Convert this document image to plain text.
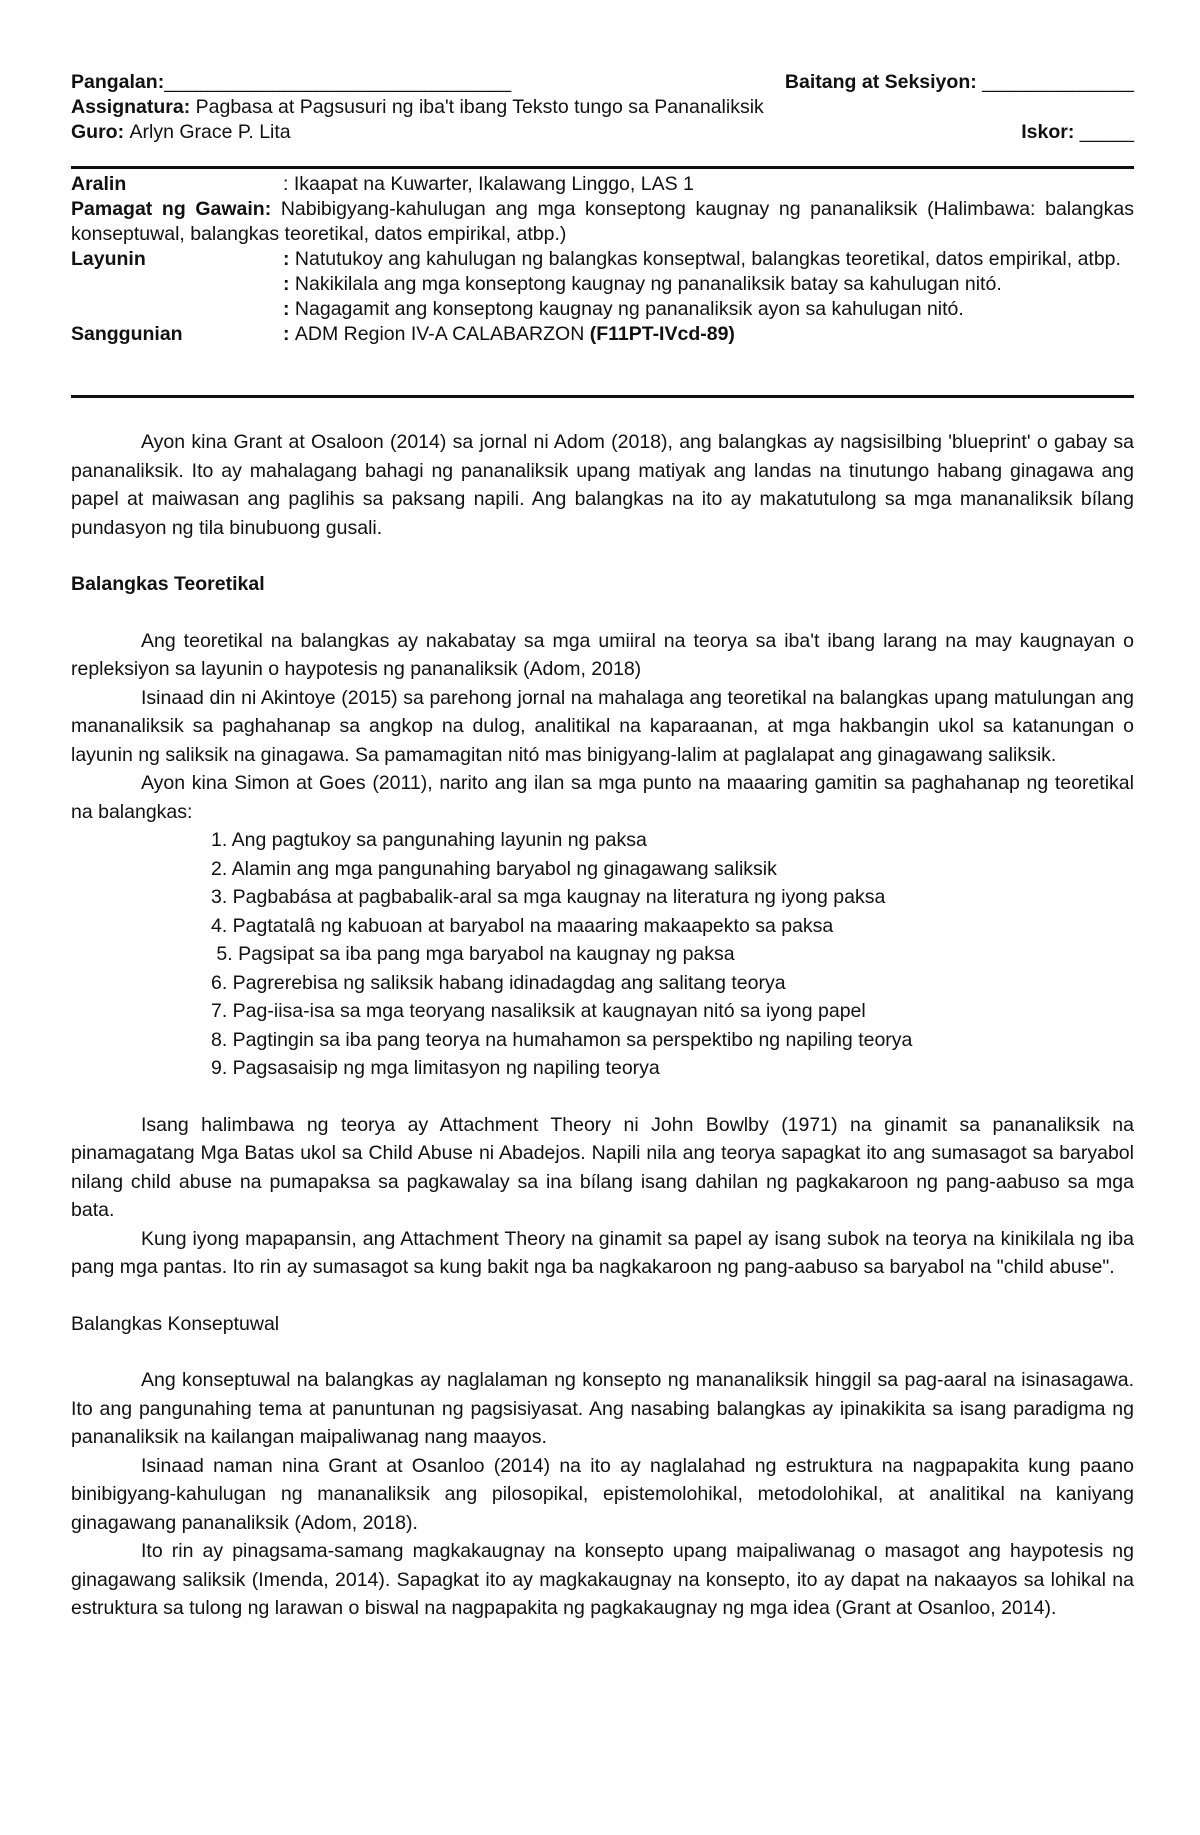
Pangalan: ________________________________	Baitang at Seksiyon: ______________
Assignatura:
Pagbasa at Pagsusuri ng iba't ibang Teksto tungo sa Pananaliksik
Guro:
Arlyn Grace P. Lita	Iskor: _____
Aralin	: Ikaapat na Kuwarter, Ikalawang Linggo, LAS 1
Pamagat ng Gawain: Nabibigyang-kahulugan ang mga konseptong kaugnay ng pananaliksik (Halimbawa: balangkas konseptuwal, balangkas teoretikal, datos empirikal, atbp.)
Layunin	: Natutukoy ang kahulugan ng balangkas konseptwal, balangkas teoretikal, datos empirikal, atbp.
: Nakikilala ang mga konseptong kaugnay ng pananaliksik batay sa kahulugan nitó.
: Nagagamit ang konseptong kaugnay ng pananaliksik ayon sa kahulugan nitó.
Sanggunian	: ADM Region IV-A CALABARZON (F11PT-IVcd-89)

Ayon kina Grant at Osaloon (2014) sa jornal ni Adom (2018), ang balangkas ay nagsisilbing 'blueprint' o gabay sa pananaliksik. Ito ay mahalagang bahagi ng pananaliksik upang matiyak ang landas na tinutungo habang ginagawa ang papel at maiwasan ang paglihis sa paksang napili. Ang balangkas na ito ay makatutulong sa mga mananaliksik bílang pundasyon ng tila binubuong gusali.

Balangkas Teoretikal

Ang teoretikal na balangkas ay nakabatay sa mga umiiral na teorya sa iba't ibang larang na may kaugnayan o repleksiyon sa layunin o haypotesis ng pananaliksik (Adom, 2018)

Isinaad din ni Akintoye (2015) sa parehong jornal na mahalaga ang teoretikal na balangkas upang matulungan ang mananaliksik sa paghahanap sa angkop na dulog, analitikal na kaparaanan, at mga hakbangin ukol sa katanungan o layunin ng saliksik na ginagawa. Sa pamamagitan nitó mas binigyang-lalim at paglalapat ang ginagawang saliksik.

Ayon kina Simon at Goes (2011), narito ang ilan sa mga punto na maaaring gamitin sa paghahanap ng teoretikal na balangkas:

1. Ang pagtukoy sa pangunahing layunin ng paksa
2. Alamin ang mga pangunahing baryabol ng ginagawang saliksik
3. Pagbabása at pagbabalik-aral sa mga kaugnay na literatura ng iyong paksa
4. Pagtatalâ ng kabuoan at baryabol na maaaring makaapekto sa paksa
5. Pagsipat sa iba pang mga baryabol na kaugnay ng paksa
6. Pagrerebisa ng saliksik habang idinadagdag ang salitang teorya
7. Pag-iisa-isa sa mga teoryang nasaliksik at kaugnayan nitó sa iyong papel
8. Pagtingin sa iba pang teorya na humahamon sa perspektibo ng napiling teorya
9. Pagsasaisip ng mga limitasyon ng napiling teorya

Isang halimbawa ng teorya ay Attachment Theory ni John Bowlby (1971) na ginamit sa pananaliksik na pinamagatang Mga Batas ukol sa Child Abuse ni Abadejos. Napili nila ang teorya sapagkat ito ang sumasagot sa baryabol nilang child abuse na pumapaksa sa pagkawalay sa ina bílang isang dahilan ng pagkakaroon ng pang-aabuso sa mga bata.

Kung iyong mapapansin, ang Attachment Theory na ginamit sa papel ay isang subok na teorya na kinikilala ng iba pang mga pantas. Ito rin ay sumasagot sa kung bakit nga ba nagkakaroon ng pang-aabuso sa baryabol na "child abuse".

Balangkas Konseptuwal

Ang konseptuwal na balangkas ay naglalaman ng konsepto ng mananaliksik hinggil sa pag-aaral na isinasagawa. Ito ang pangunahing tema at panuntunan ng pagsisiyasat. Ang nasabing balangkas ay ipinakikita sa isang paradigma ng pananaliksik na kailangan maipaliwanag nang maayos.

Isinaad naman nina Grant at Osanloo (2014) na ito ay naglalahad ng estruktura na nagpapakita kung paano binibigyang-kahulugan ng mananaliksik ang pilosopikal, epistemolohikal, metodolohikal, at analitikal na kaniyang ginagawang pananaliksik (Adom, 2018).

Ito rin ay pinagsama-samang magkakaugnay na konsepto upang maipaliwanag o masagot ang haypotesis ng ginagawang saliksik (Imenda, 2014). Sapagkat ito ay magkakaugnay na konsepto, ito ay dapat na nakaayos sa lohikal na estruktura sa tulong ng larawan o biswal na nagpapakita ng pagkakaugnay ng mga idea (Grant at Osanloo, 2014).
